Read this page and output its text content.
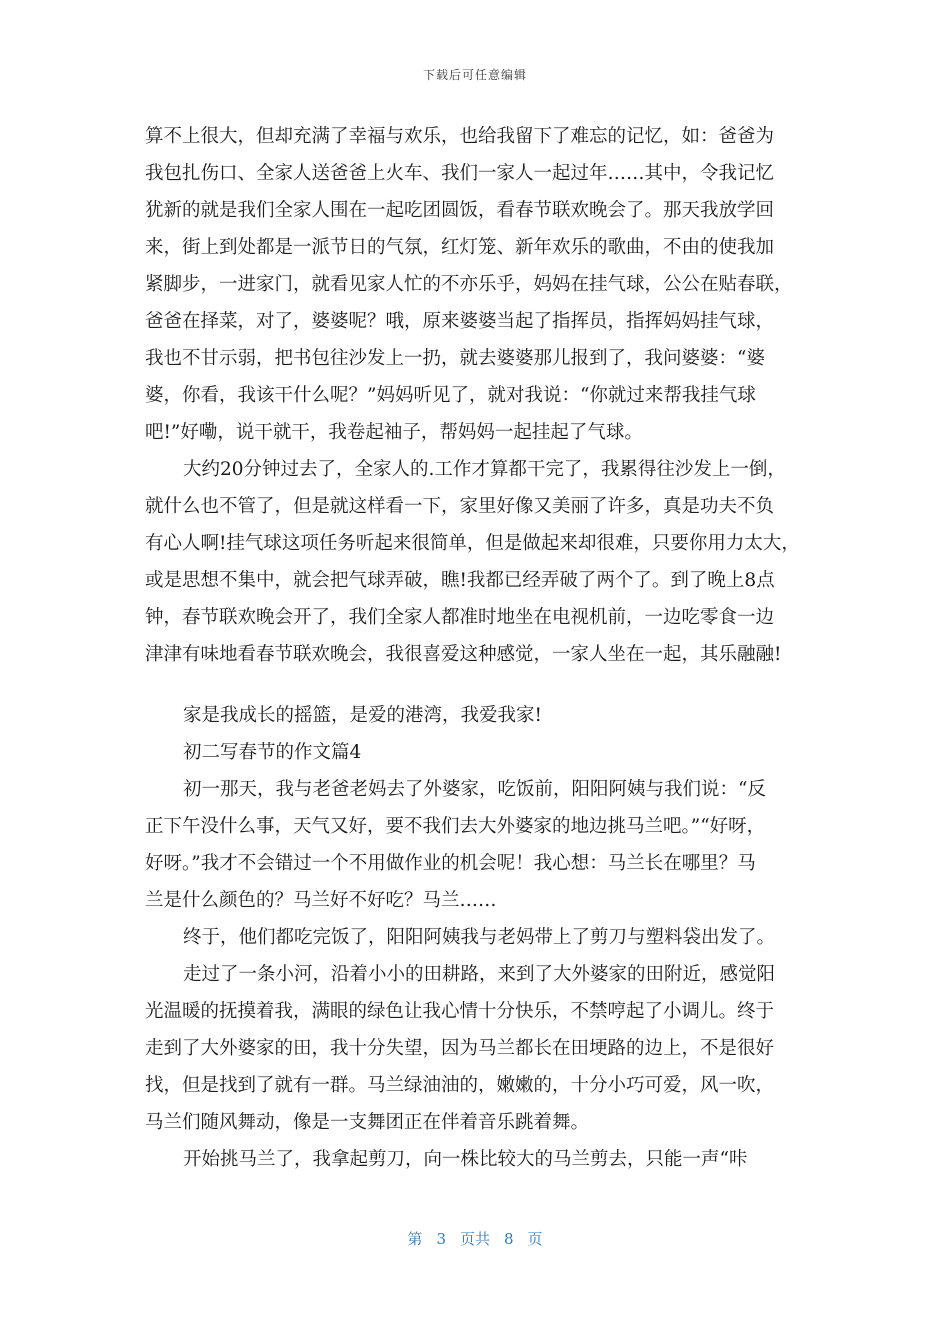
下载后可任意编辑
算不上很大，但却充满了幸福与欢乐，也给我留下了难忘的记忆，如：爸爸为
我包扎伤口、全家人送爸爸上火车、我们一家人一起过年……其中，令我记忆
犹新的就是我们全家人围在一起吃团圆饭，看春节联欢晚会了。那天我放学回
来，街上到处都是一派节日的气氛，红灯笼、新年欢乐的歌曲，不由的使我加
紧脚步，一进家门，就看见家人忙的不亦乐乎，妈妈在挂气球，公公在贴春联，
爸爸在择菜，对了，婆婆呢？哦，原来婆婆当起了指挥员，指挥妈妈挂气球，
我也不甘示弱，把书包往沙发上一扔，就去婆婆那儿报到了，我问婆婆：“婆
婆，你看，我该干什么呢？”妈妈听见了，就对我说：“你就过来帮我挂气球
吧!”好嘞，说干就干，我卷起袖子，帮妈妈一起挂起了气球。
大约20分钟过去了，全家人的.工作才算都干完了，我累得往沙发上一倒，
就什么也不管了，但是就这样看一下，家里好像又美丽了许多，真是功夫不负
有心人啊!挂气球这项任务听起来很简单，但是做起来却很难，只要你用力太大，
或是思想不集中，就会把气球弄破，瞧!我都已经弄破了两个了。到了晚上8点
钟，春节联欢晚会开了，我们全家人都准时地坐在电视机前，一边吃零食一边
津津有味地看春节联欢晚会，我很喜爱这种感觉，一家人坐在一起，其乐融融!
家是我成长的摇篮，是爱的港湾，我爱我家!
初二写春节的作文篇4
初一那天，我与老爸老妈去了外婆家，吃饭前，阳阳阿姨与我们说：“反
正下午没什么事，天气又好，要不我们去大外婆家的地边挑马兰吧。”“好呀，
好呀。”我才不会错过一个不用做作业的机会呢！我心想：马兰长在哪里？马
兰是什么颜色的？马兰好不好吃？马兰……
终于，他们都吃完饭了，阳阳阿姨我与老妈带上了剪刀与塑料袋出发了。
走过了一条小河，沿着小小的田耕路，来到了大外婆家的田附近，感觉阳
光温暖的抚摸着我，满眼的绿色让我心情十分快乐，不禁哼起了小调儿。终于
走到了大外婆家的田，我十分失望，因为马兰都长在田埂路的边上，不是很好
找，但是找到了就有一群。马兰绿油油的，嫩嫩的，十分小巧可爱，风一吹，
马兰们随风舞动，像是一支舞团正在伴着音乐跳着舞。
开始挑马兰了，我拿起剪刀，向一株比较大的马兰剪去，只能一声“咔
第 3 页共 8 页
